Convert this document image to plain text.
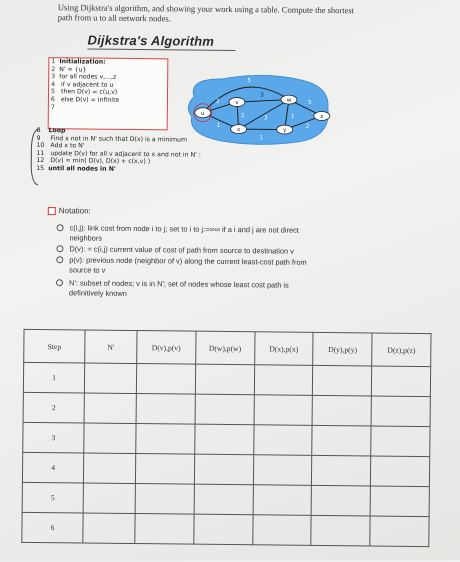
Using Dijkstra's algorithm, and showing your work using a table. Compute the shortest
path from u to all network nodes.
Dijkstra's Algorithm
1 Initialization:
2 N' = {u}
3 for all nodes v,...,z
4 if v adjacent to u
5 then D(v) = c(u,v)
6 else D(v) = infinite
7
8 Loop
9 Find x not in N' such that D(x) is a minimum
10 Add x to N'
11 update D(v) for all v adjacent to x and not in N' :
12 D(v) = min( D(v), D(x) + c(x,v) )
15 until all nodes in N'
u
v	w
x	y
z
5
2
3
5
1
2	3	1
1
2
Notation:
c(i,j): link cost from node i to j; set to i to j:=∞∞ if a i and j are not direct
neighbors
D(v): = c(i,j) current value of cost of path from source to destination v
p(v): previous node (neighbor of v) along the current least-cost path from
source to v
N': subset of nodes; v is in N'; set of nodes whose least cost path is
definitively known
Step	N'	D(v),p(v)	D(w),p(w)	D(x),p(x)	D(y),p(y)	D(z),p(z)
1						
2						
3						
4						
5						
6						
